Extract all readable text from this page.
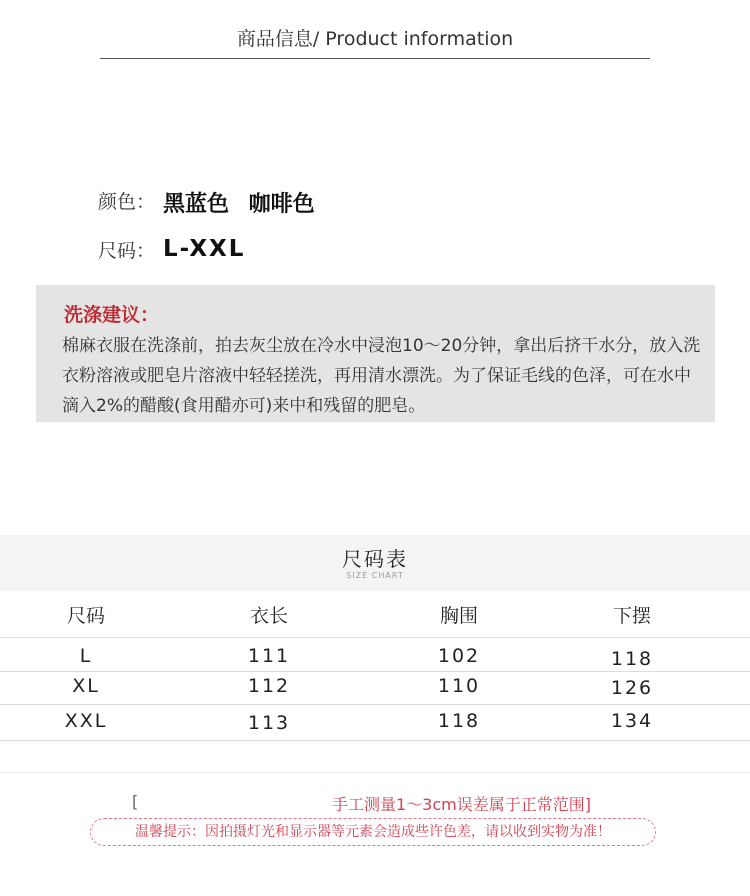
商品信息/ Product information
颜色： 黑蓝色 咖啡色
尺码： L-XXL
洗涤建议：
棉麻衣服在洗涤前，拍去灰尘放在冷水中浸泡10～20分钟，拿出后挤干水分，放入洗衣粉溶液或肥皂片溶液中轻轻搓洗，再用清水漂洗。为了保证毛线的色泽，可在水中滴入2%的醋酸(食用醋亦可)来中和残留的肥皂。
尺码表
SIZE CHART
尺码	衣长	胸围	下摆
L	111	102	118
XL	112	110	126
XXL	113	118	134
[	手工测量1～3cm误差属于正常范围]
温馨提示：因拍摄灯光和显示器等元素会造成些许色差，请以收到实物为准！
